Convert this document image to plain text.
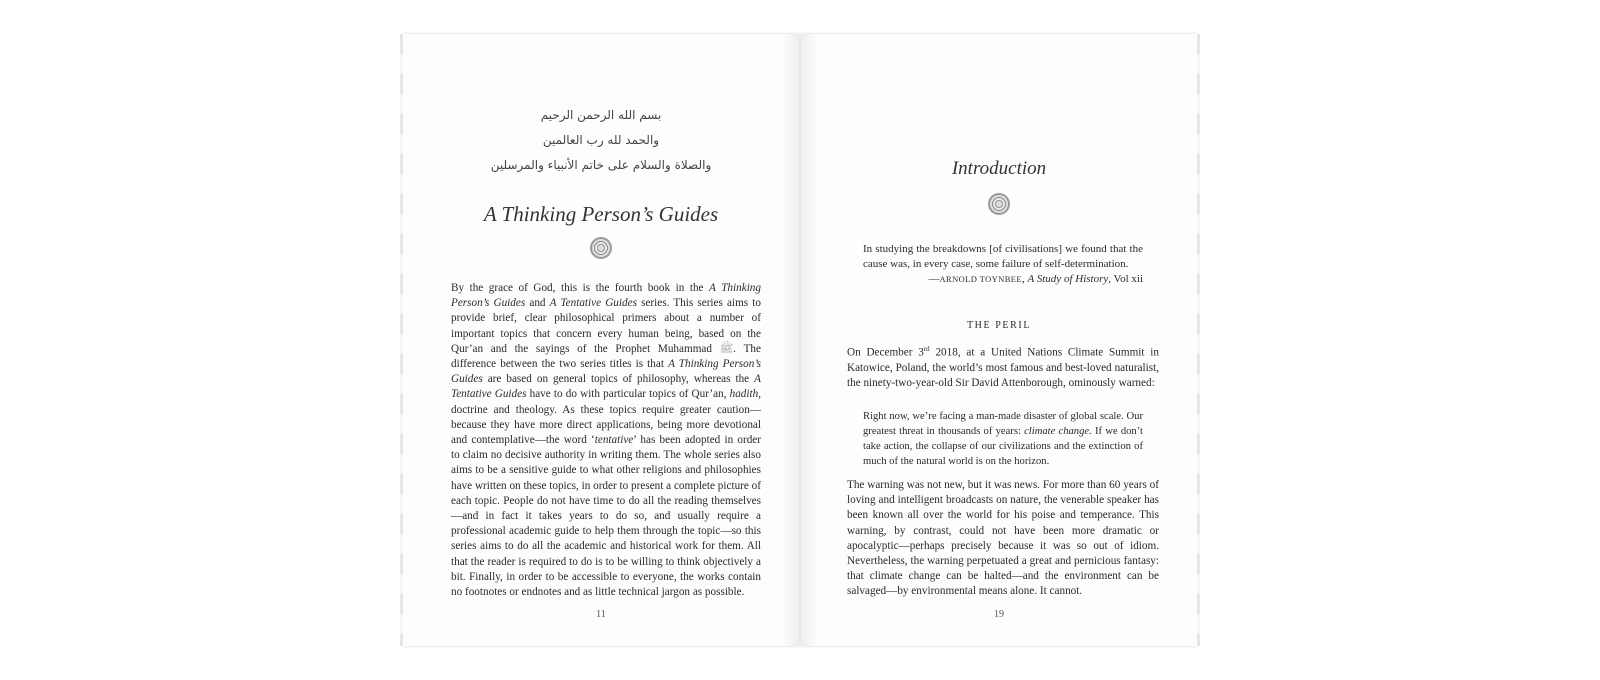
بسم الله الرحمن الرحيم
والحمد لله رب العالمين
والصلاة والسلام على خاتم الأنبياء والمرسلين
A Thinking Person’s Guides

By the grace of God, this is the fourth book in the A Thinking Person’s Guides and A Tentative Guides series. This series aims to provide brief, clear philosophical primers about a number of important topics that concern every human being, based on the Qur’an and the sayings of the Prophet Muhammad ﷺ. The difference between the two series titles is that A Thinking Person’s Guides are based on general topics of philosophy, whereas the A Tentative Guides have to do with particular topics of Qur’an, hadith, doctrine and theology. As these topics require greater caution—because they have more direct applications, being more devotional and contemplative—the word ‘tentative’ has been adopted in order to claim no decisive authority in writing them. The whole series also aims to be a sensitive guide to what other religions and philosophies have written on these topics, in order to present a complete picture of each topic. People do not have time to do all the reading themselves—and in fact it takes years to do so, and usually require a professional academic guide to help them through the topic—so this series aims to do all the academic and historical work for them. All that the reader is required to do is to be willing to think objectively a bit. Finally, in order to be accessible to everyone, the works contain no footnotes or endnotes and as little technical jargon as possible.

11
Introduction
In studying the breakdowns [of civilisations] we found that the cause was, in every case, some failure of self-determination.
—ARNOLD TOYNBEE, A Study of History, Vol xii
THE PERIL

On December 3rd 2018, at a United Nations Climate Summit in Katowice, Poland, the world’s most famous and best-loved naturalist, the ninety-two-year-old Sir David Attenborough, ominously warned:

Right now, we’re facing a man-made disaster of global scale. Our greatest threat in thousands of years: climate change. If we don’t take action, the collapse of our civilizations and the extinction of much of the natural world is on the horizon.

The warning was not new, but it was news. For more than 60 years of loving and intelligent broadcasts on nature, the venerable speaker has been known all over the world for his poise and temperance. This warning, by contrast, could not have been more dramatic or apocalyptic—perhaps precisely because it was so out of idiom. Nevertheless, the warning perpetuated a great and pernicious fantasy: that climate change can be halted—and the environment can be salvaged—by environmental means alone. It cannot.

19
